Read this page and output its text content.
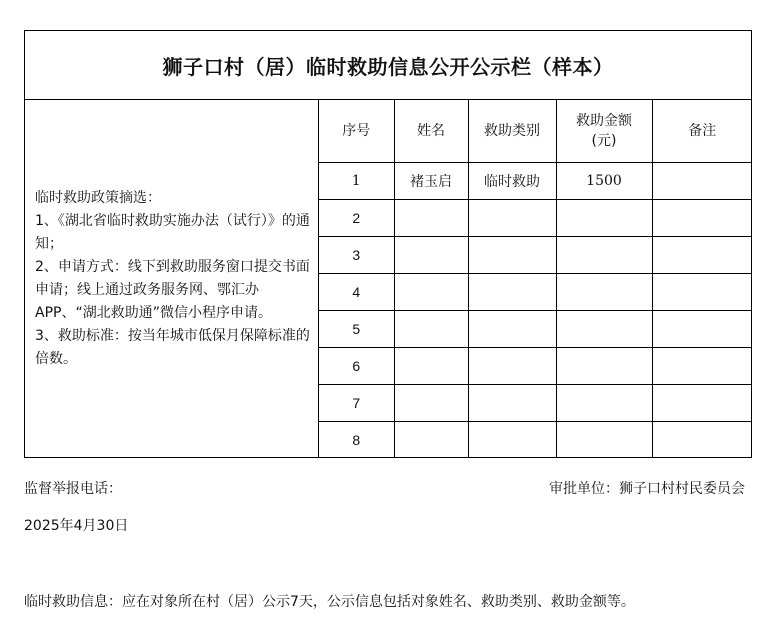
狮子口村（居）临时救助信息公开公示栏（样本）
临时救助政策摘选：
1、《湖北省临时救助实施办法（试行）》的通知；
2、申请方式：线下到救助服务窗口提交书面申请；线上通过政务服务网、鄂汇办APP、“湖北救助通”微信小程序申请。
3、救助标准：按当年城市低保月保障标准的倍数。
序号	姓名	救助类别	救助金额(元)	备注
1	褚玉启	临时救助	1500	
2				
3				
4				
5				
6				
7				
8				
监督举报电话：	审批单位：狮子口村村民委员会
2025年4月30日
临时救助信息：应在对象所在村（居）公示7天，公示信息包括对象姓名、救助类别、救助金额等。
